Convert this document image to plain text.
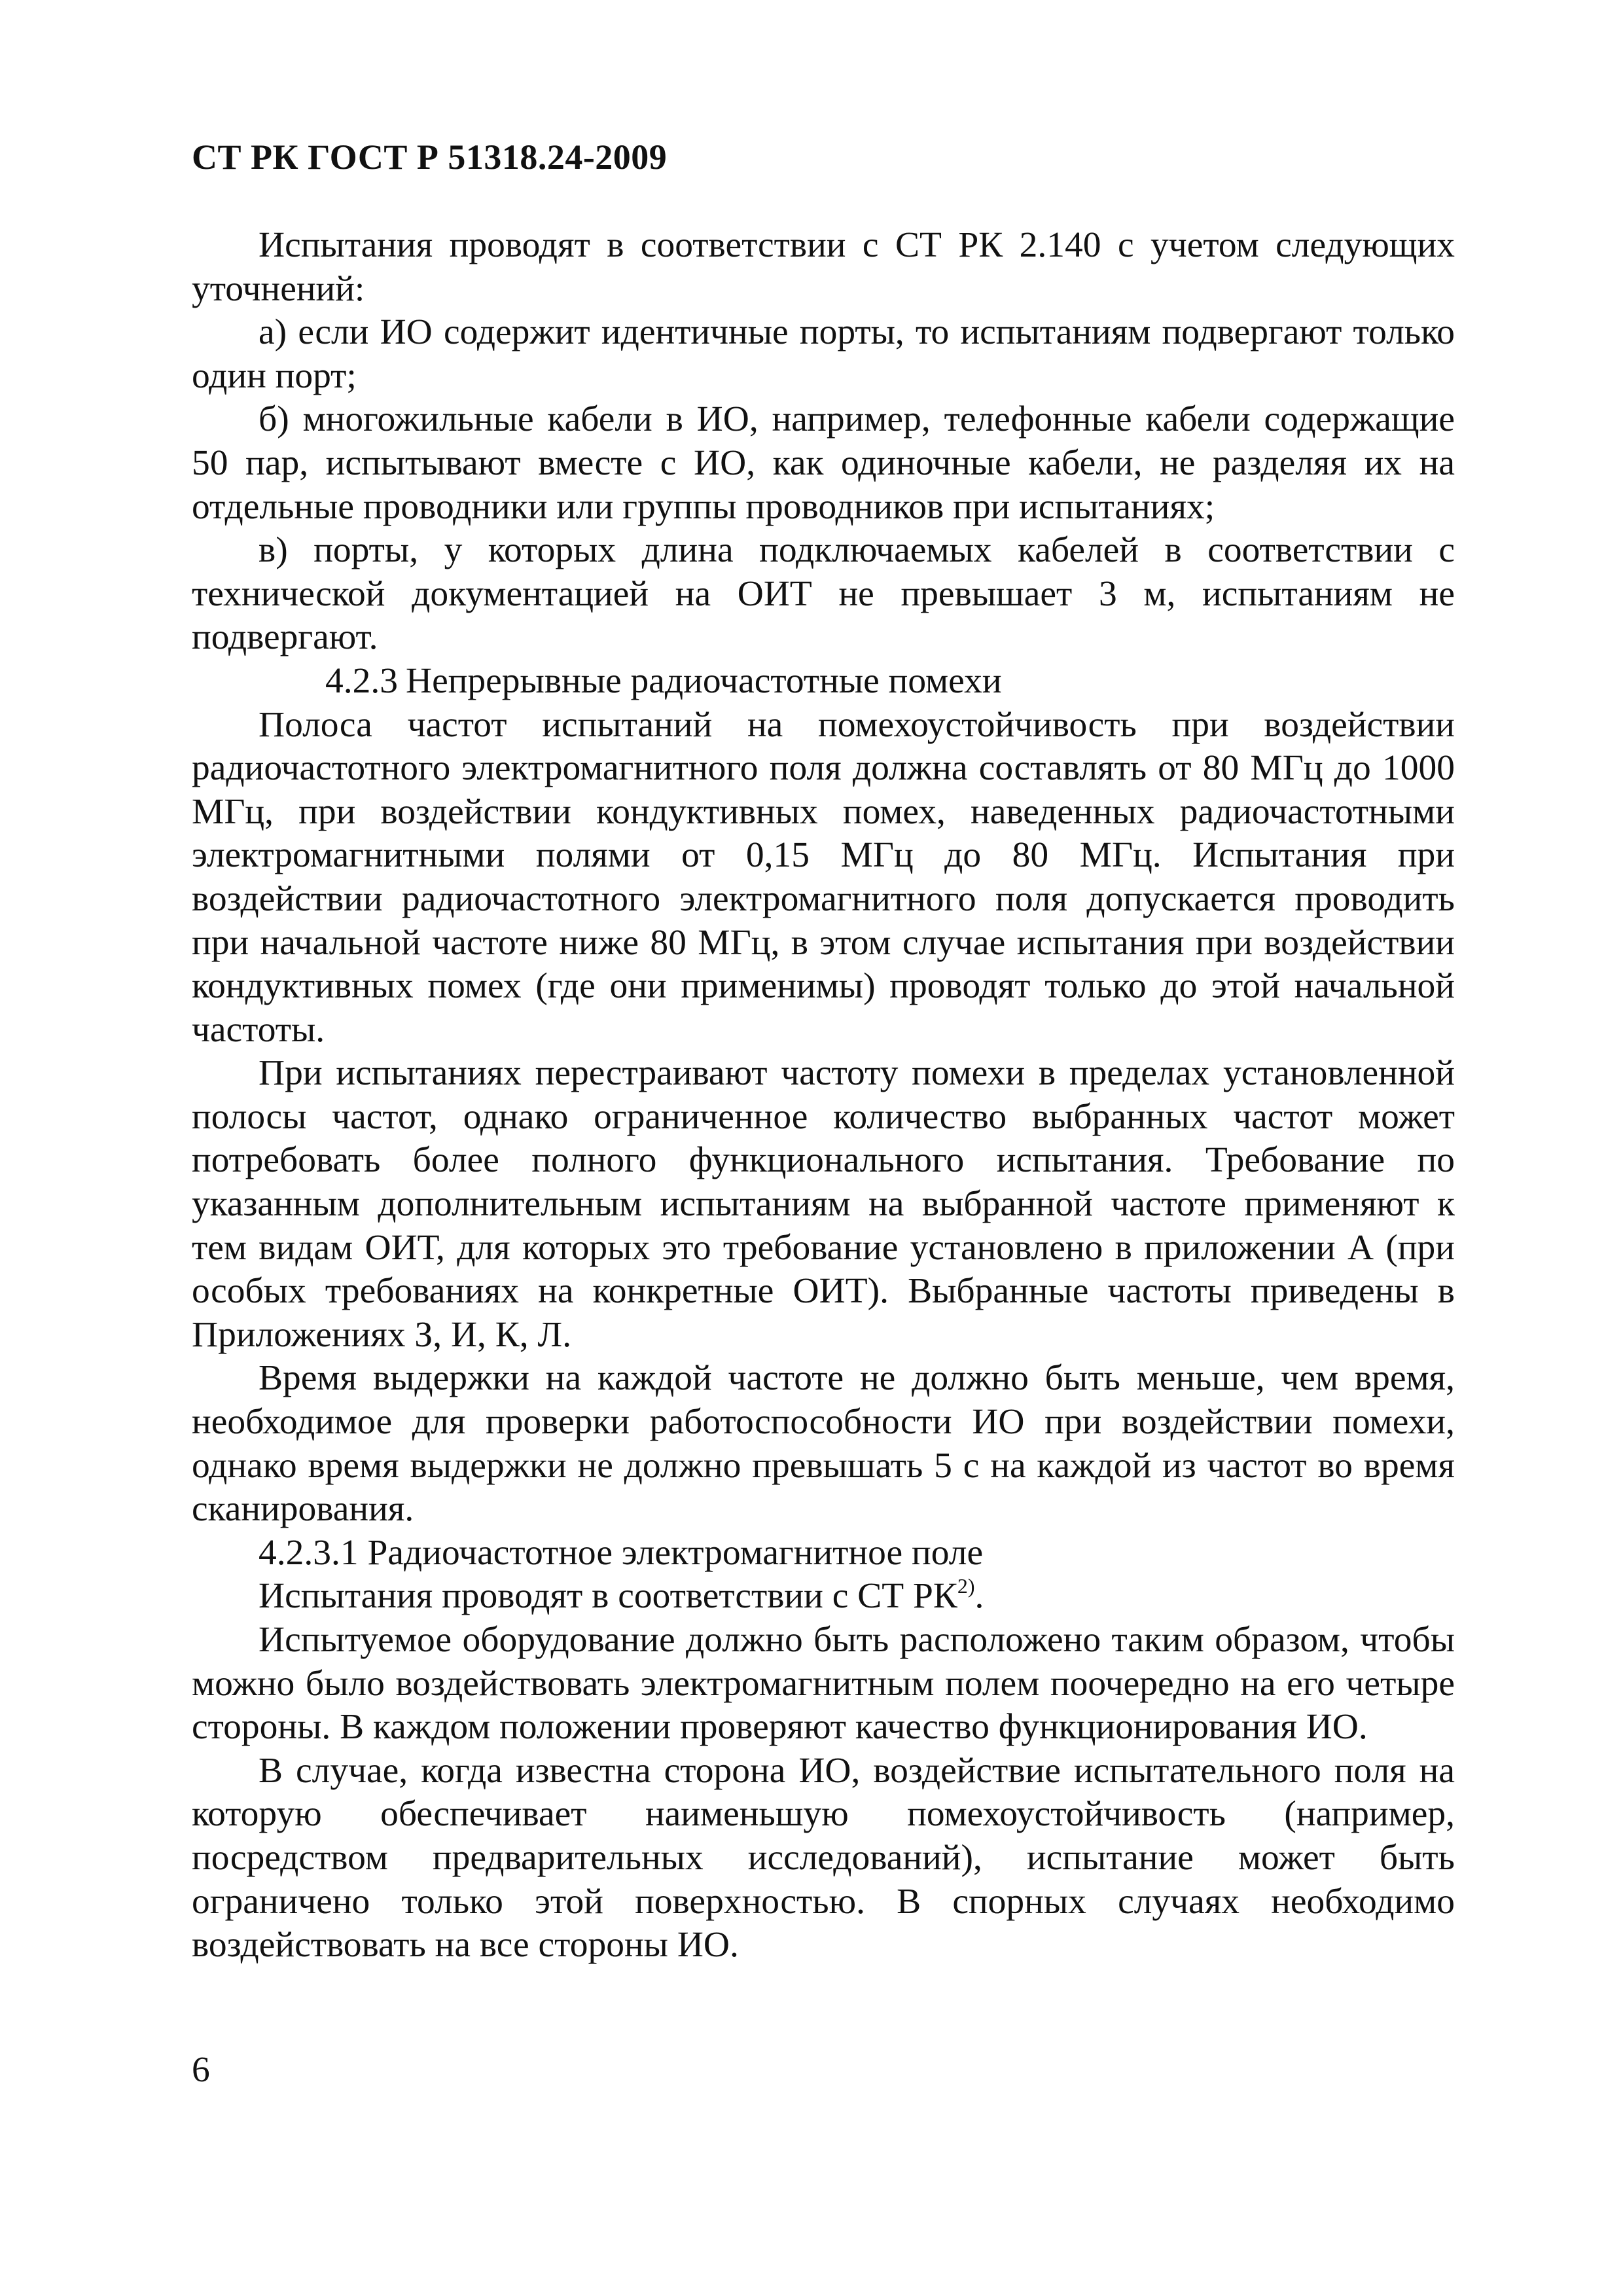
СТ РК ГОСТ Р 51318.24-2009

Испытания проводят в соответствии с СТ РК 2.140 с учетом следующих уточнений:

а) если ИО содержит идентичные порты, то испытаниям подвергают только один порт;

б) многожильные кабели в ИО, например, телефонные кабели содержащие 50 пар, испытывают вместе с ИО, как одиночные кабели, не разделяя их на отдельные проводники или группы проводников при испытаниях;

в) порты, у которых длина подключаемых кабелей в соответствии с технической документацией на ОИТ не превышает 3 м, испытаниям не подвергают.

4.2.3 Непрерывные радиочастотные помехи

Полоса частот испытаний на помехоустойчивость при воздействии радиочастотного электромагнитного поля должна составлять от 80 МГц до 1000 МГц, при воздействии кондуктивных помех, наведенных радиочастотными электромагнитными полями от 0,15 МГц до 80 МГц. Испытания при воздействии радиочастотного электромагнитного поля допускается проводить при начальной частоте ниже 80 МГц, в этом случае испытания при воздействии кондуктивных помех (где они применимы) проводят только до этой начальной частоты.

При испытаниях перестраивают частоту помехи в пределах установленной полосы частот, однако ограниченное количество выбранных частот может потребовать более полного функционального испытания. Требование по указанным дополнительным испытаниям на выбранной частоте применяют к тем видам ОИТ, для которых это требование установлено в приложении А (при особых требованиях на конкретные ОИТ). Выбранные частоты приведены в Приложениях З, И, К, Л.

Время выдержки на каждой частоте не должно быть меньше, чем время, необходимое для проверки работоспособности ИО при воздействии помехи, однако время выдержки не должно превышать 5 с на каждой из частот во время сканирования.

4.2.3.1 Радиочастотное электромагнитное поле

Испытания проводят в соответствии с СТ РК$^{2)}$.

Испытуемое оборудование должно быть расположено таким образом, чтобы можно было воздействовать электромагнитным полем поочередно на его четыре стороны. В каждом положении проверяют качество функционирования ИО.

В случае, когда известна сторона ИО, воздействие испытательного поля на которую обеспечивает наименьшую помехоустойчивость (например, посредством предварительных исследований), испытание может быть ограничено только этой поверхностью. В спорных случаях необходимо воздействовать на все стороны ИО.

6
